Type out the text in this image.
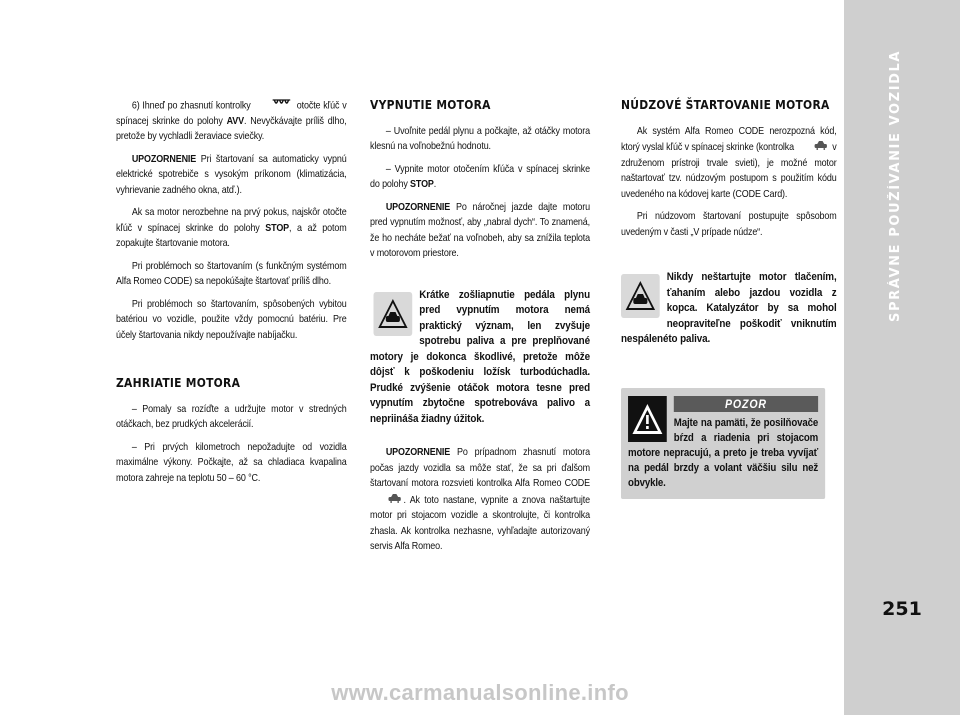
6) Ihneď po zhasnutí kontrolky	otočte kľúč v spínacej skrinke do polohy AVV. Nevyčkávajte príliš dlho, pretože by vychladli žeraviace sviečky.

UPOZORNENIE Pri štartovaní sa automaticky vypnú elektrické spotrebiče s vysokým príkonom (klimatizácia, vyhrievanie zadného okna, atď.).

Ak sa motor nerozbehne na prvý pokus, najskôr otočte kľúč v spínacej skrinke do polohy STOP, a až potom zopakujte štartovanie motora.

Pri problémoch so štartovaním (s funkčným systémom Alfa Romeo CODE) sa nepokúšajte štartovať príliš dlho.

Pri problémoch so štartovaním, spôsobených vybitou batériou vo vozidle, použite vždy pomocnú batériu. Pre účely štartovania nikdy nepoužívajte nabíjačku.

ZAHRIATIE MOTORA

– Pomaly sa rozíďte a udržujte motor v stredných otáčkach, bez prudkých akcelerácií.

– Pri prvých kilometroch nepožadujte od vozidla maximálne výkony. Počkajte, až sa chladiaca kvapalina motora zahreje na teplotu 50 – 60 °C.

VYPNUTIE MOTORA

– Uvoľnite pedál plynu a počkajte, až otáčky motora klesnú na voľnobežnú hodnotu.

– Vypnite motor otočením kľúča v spínacej skrinke do polohy STOP.

UPOZORNENIE Po náročnej jazde dajte motoru pred vypnutím možnosť, aby „nabral dych“. To znamená, že ho necháte bežať na voľnobeh, aby sa znížila teplota v motorovom priestore.

Krátke zošliapnutie pedála plynu pred vypnutím motora nemá praktický význam, len zvyšuje spotrebu paliva a pre preplňované motory je dokonca škodlivé, pretože môže dôjsť k poškodeniu ložísk turbodúchadla. Prudké zvýšenie otáčok motora tesne pred vypnutím zbytočne spotrebováva palivo a nepriináša žiadny úžitok.

UPOZORNENIE Po prípadnom zhasnutí motora počas jazdy vozidla sa môže stať, že sa pri ďalšom štartovaní motora rozsvieti kontrolka Alfa Romeo CODE . Ak toto nastane, vypnite a znova naštartujte motor pri stojacom vozidle a skontrolujte, či kontrolka zhasla. Ak kontrolka nezhasne, vyhľadajte autorizovaný servis Alfa Romeo.

NÚDZOVÉ ŠTARTOVANIE MOTORA

Ak systém Alfa Romeo CODE nerozpozná kód, ktorý vyslal kľúč v spínacej skrinke (kontrolka	v združenom prístroji trvale svieti), je možné motor naštartovať tzv. núdzovým postupom s použitím kódu uvedeného na kódovej karte (CODE Card).

Pri núdzovom štartovaní postupujte spôsobom uvedeným v časti „V prípade núdze“.

Nikdy neštartujte motor tlačením, ťahaním alebo jazdou vozidla z kopca. Katalyzátor by sa mohol neopraviteľne poškodiť vniknutím nespálenéto paliva.
POZOR
Majte na pamäti, že posilňovače bŕzd a riadenia pri stojacom motore nepracujú, a preto je treba vyvíjať na pedál brzdy a volant väčšiu silu než obvykle.
SPRÁVNE POUŽÍVANIE VOZIDLA
251
www.carmanualsonline.info
